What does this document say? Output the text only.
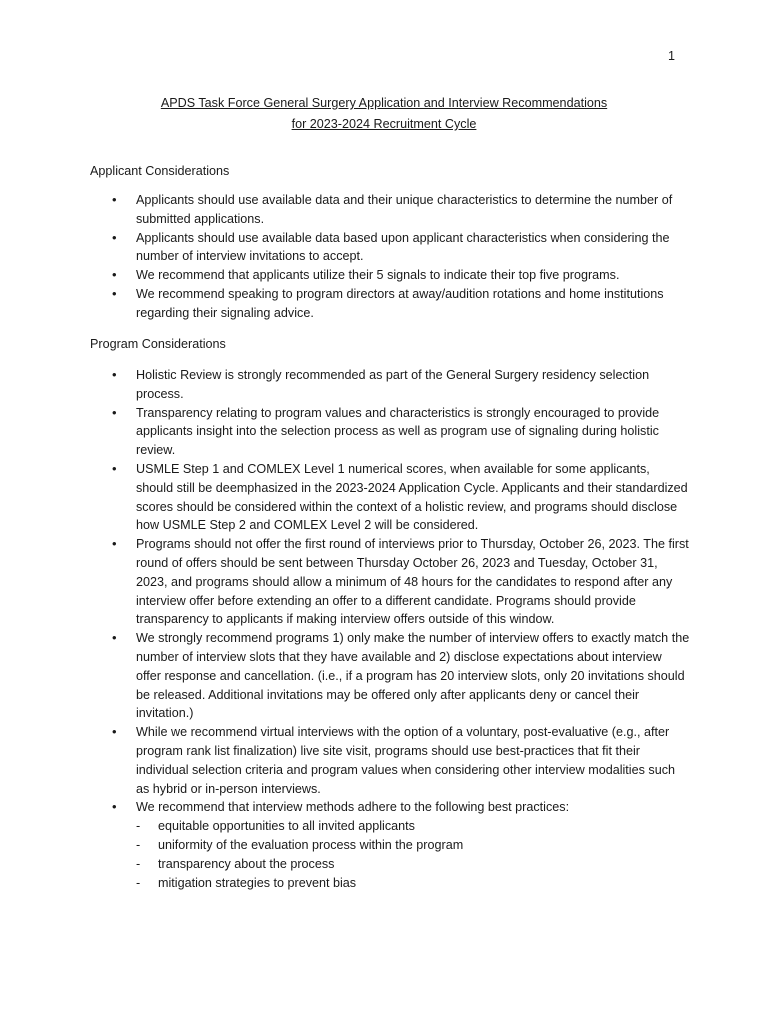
1
APDS Task Force General Surgery Application and Interview Recommendations
for 2023-2024 Recruitment Cycle
Applicant Considerations
• Applicants should use available data and their unique characteristics to determine the number of submitted applications.
• Applicants should use available data based upon applicant characteristics when considering the number of interview invitations to accept.
• We recommend that applicants utilize their 5 signals to indicate their top five programs.
• We recommend speaking to program directors at away/audition rotations and home institutions regarding their signaling advice.
Program Considerations
• Holistic Review is strongly recommended as part of the General Surgery residency selection process.
• Transparency relating to program values and characteristics is strongly encouraged to provide applicants insight into the selection process as well as program use of signaling during holistic review.
• USMLE Step 1 and COMLEX Level 1 numerical scores, when available for some applicants, should still be deemphasized in the 2023-2024 Application Cycle. Applicants and their standardized scores should be considered within the context of a holistic review, and programs should disclose how USMLE Step 2 and COMLEX Level 2 will be considered.
• Programs should not offer the first round of interviews prior to Thursday, October 26, 2023. The first round of offers should be sent between Thursday October 26, 2023 and Tuesday, October 31, 2023, and programs should allow a minimum of 48 hours for the candidates to respond after any interview offer before extending an offer to a different candidate. Programs should provide transparency to applicants if making interview offers outside of this window.
• We strongly recommend programs 1) only make the number of interview offers to exactly match the number of interview slots that they have available and 2) disclose expectations about interview offer response and cancellation. (i.e., if a program has 20 interview slots, only 20 invitations should be released. Additional invitations may be offered only after applicants deny or cancel their invitation.)
• While we recommend virtual interviews with the option of a voluntary, post-evaluative (e.g., after program rank list finalization) live site visit, programs should use best-practices that fit their individual selection criteria and program values when considering other interview modalities such as hybrid or in-person interviews.
• We recommend that interview methods adhere to the following best practices:
- equitable opportunities to all invited applicants
- uniformity of the evaluation process within the program
- transparency about the process
- mitigation strategies to prevent bias
